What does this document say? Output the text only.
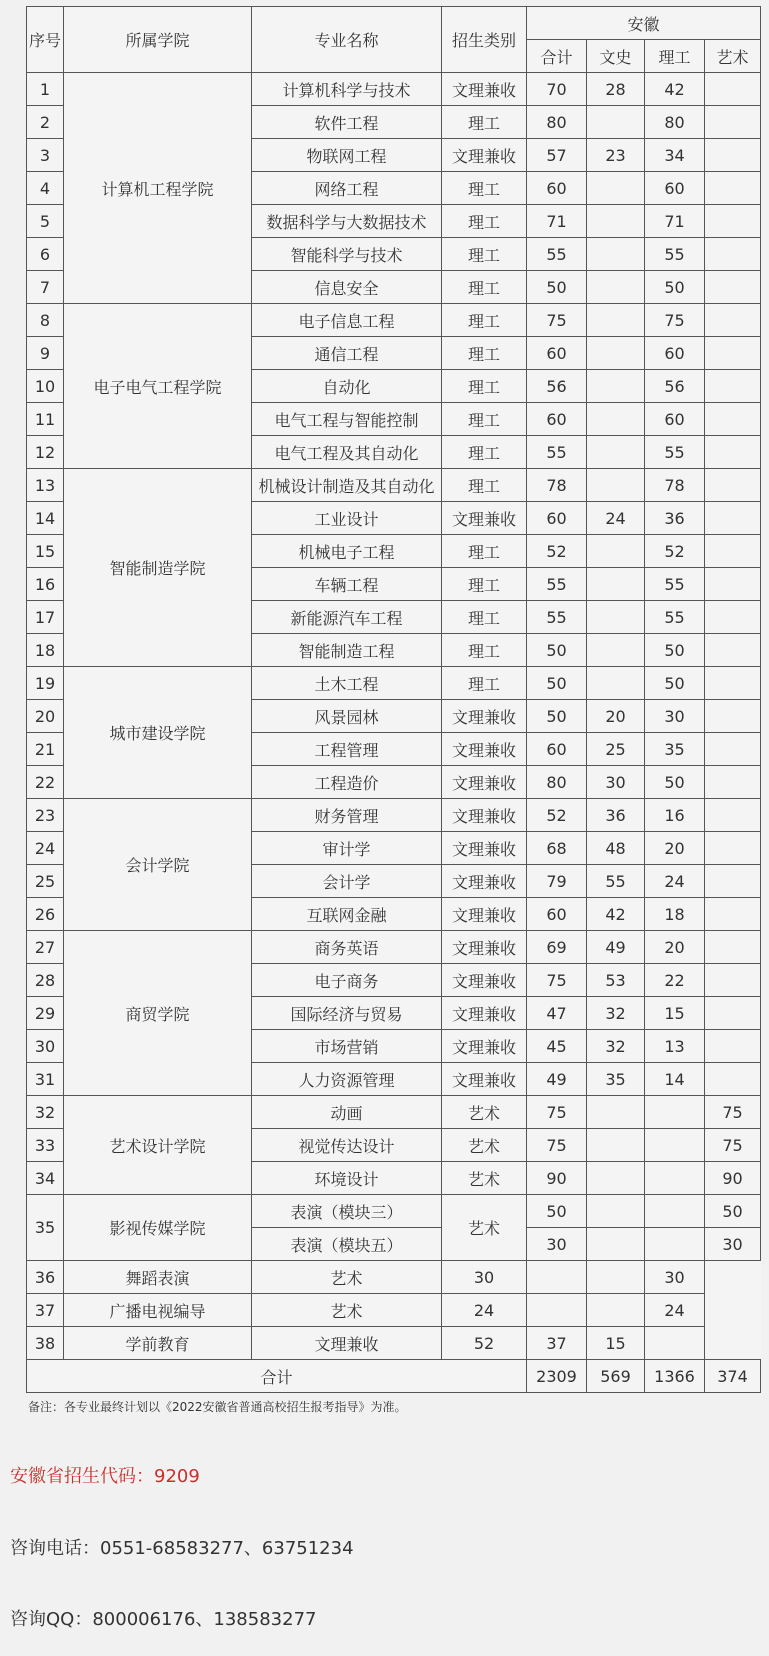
序号	所属学院	专业名称	招生类别	安徽			
				合计	文史	理工	艺术
1	计算机工程学院	计算机科学与技术	文理兼收	70	28	42	
2		软件工程	理工	80		80	
3		物联网工程	文理兼收	57	23	34	
4		网络工程	理工	60		60	
5		数据科学与大数据技术	理工	71		71	
6		智能科学与技术	理工	55		55	
7		信息安全	理工	50		50	
8	电子电气工程学院	电子信息工程	理工	75		75	
9		通信工程	理工	60		60	
10		自动化	理工	56		56	
11		电气工程与智能控制	理工	60		60	
12		电气工程及其自动化	理工	55		55	
13	智能制造学院	机械设计制造及其自动化	理工	78		78	
14		工业设计	文理兼收	60	24	36	
15		机械电子工程	理工	52		52	
16		车辆工程	理工	55		55	
17		新能源汽车工程	理工	55		55	
18		智能制造工程	理工	50		50	
19	城市建设学院	土木工程	理工	50		50	
20		风景园林	文理兼收	50	20	30	
21		工程管理	文理兼收	60	25	35	
22		工程造价	文理兼收	80	30	50	
23	会计学院	财务管理	文理兼收	52	36	16	
24		审计学	文理兼收	68	48	20	
25		会计学	文理兼收	79	55	24	
26		互联网金融	文理兼收	60	42	18	
27	商贸学院	商务英语	文理兼收	69	49	20	
28		电子商务	文理兼收	75	53	22	
29		国际经济与贸易	文理兼收	47	32	15	
30		市场营销	文理兼收	45	32	13	
31		人力资源管理	文理兼收	49	35	14	
32	艺术设计学院	动画	艺术	75			75
33		视觉传达设计	艺术	75			75
34		环境设计	艺术	90			90
35	影视传媒学院	表演（模块三）	艺术	50			50
		表演（模块五）		30			30
36	舞蹈表演	艺术	30			30	
37	广播电视编导	艺术	24			24	
38	学前教育	文理兼收	52	37	15		
合计				2309	569	1366	374
备注：各专业最终计划以《2022安徽省普通高校招生报考指导》为准。
安徽省招生代码：9209
咨询电话：0551-68583277、63751234
咨询QQ：800006176、138583277
